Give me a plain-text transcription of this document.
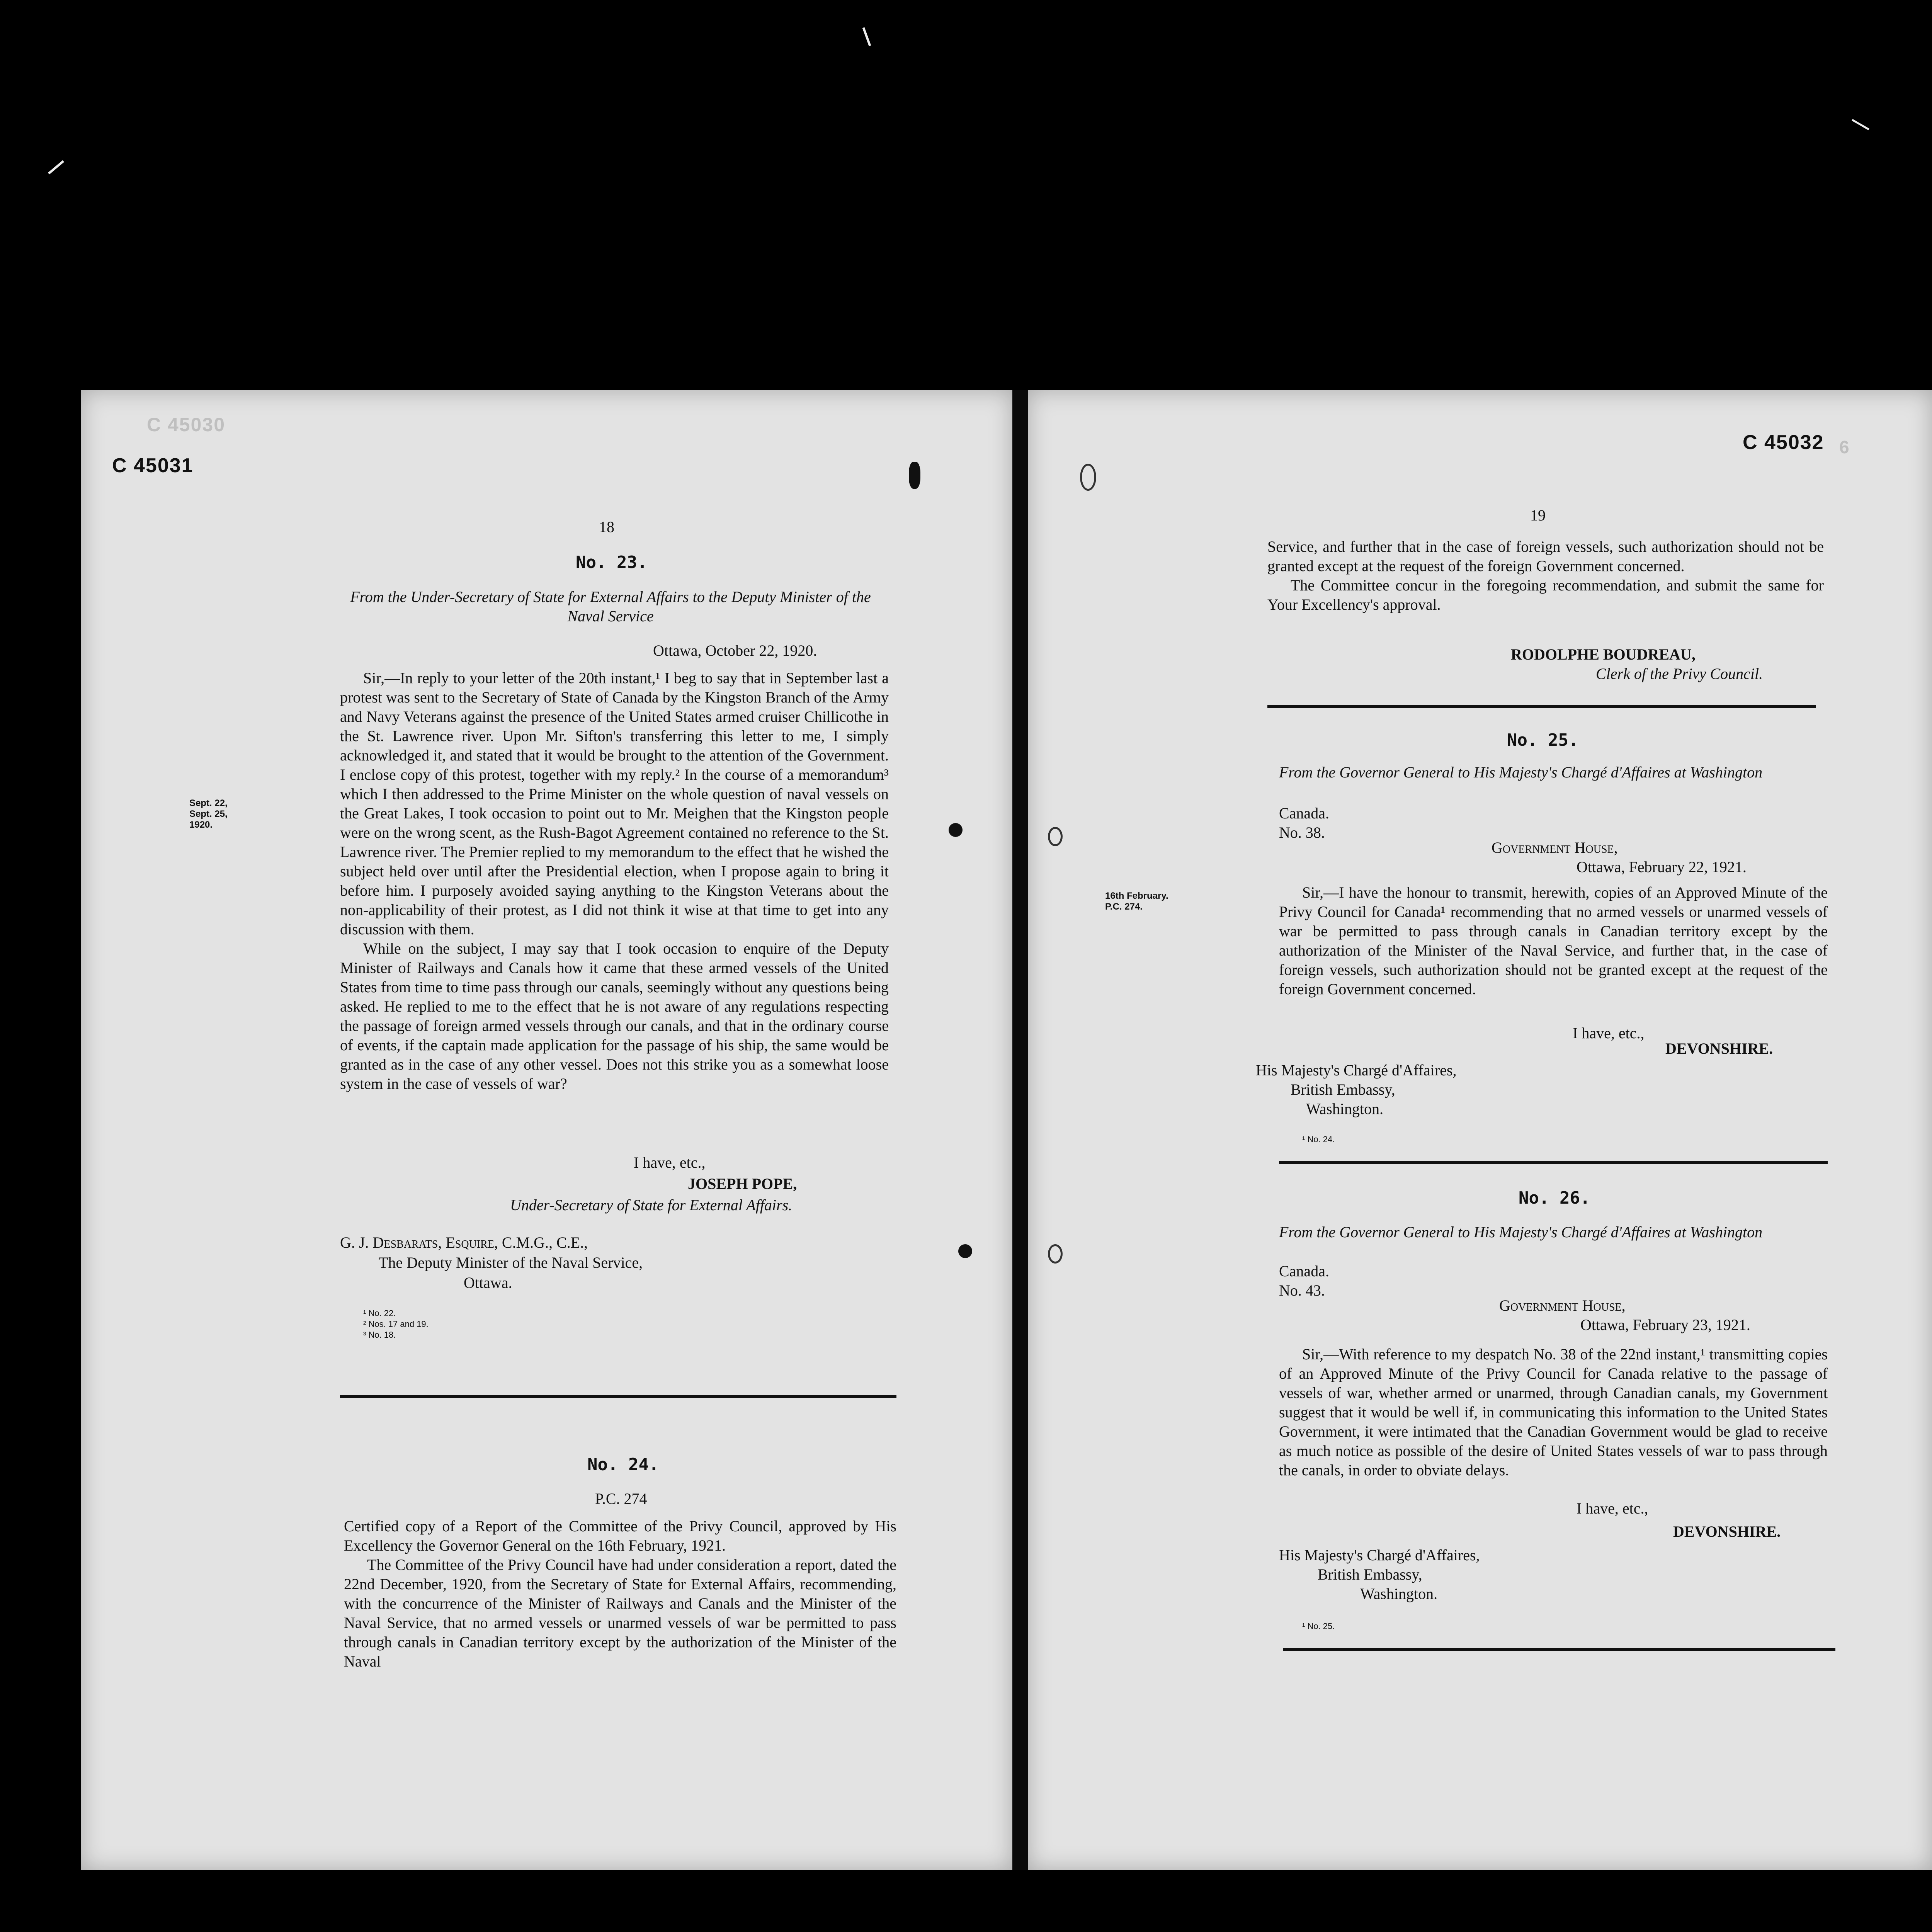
C 45030
C 45031
18
No. 23.
From the Under-Secretary of State for External Affairs to the Deputy Minister of the Naval Service
Ottawa, October 22, 1920.
Sept. 22,
Sept. 25,
1920.

Sir,—In reply to your letter of the 20th instant,¹ I beg to say that in September last a protest was sent to the Secretary of State of Canada by the Kingston Branch of the Army and Navy Veterans against the presence of the United States armed cruiser Chillicothe in the St. Lawrence river. Upon Mr. Sifton's transferring this letter to me, I simply acknowledged it, and stated that it would be brought to the attention of the Government. I enclose copy of this protest, together with my reply.² In the course of a memorandum³ which I then addressed to the Prime Minister on the whole question of naval vessels on the Great Lakes, I took occasion to point out to Mr. Meighen that the Kingston people were on the wrong scent, as the Rush-Bagot Agreement contained no reference to the St. Lawrence river. The Premier replied to my memorandum to the effect that he wished the subject held over until after the Presidential election, when I propose again to bring it before him. I purposely avoided saying anything to the Kingston Veterans about the non-applicability of their protest, as I did not think it wise at that time to get into any discussion with them.

While on the subject, I may say that I took occasion to enquire of the Deputy Minister of Railways and Canals how it came that these armed vessels of the United States from time to time pass through our canals, seemingly without any questions being asked. He replied to me to the effect that he is not aware of any regulations respecting the passage of foreign armed vessels through our canals, and that in the ordinary course of events, if the captain made application for the passage of his ship, the same would be granted as in the case of any other vessel. Does not this strike you as a somewhat loose system in the case of vessels of war?

I have, etc.,
JOSEPH POPE,
Under-Secretary of State for External Affairs.
G. J. Desbarats, Esquire, C.M.G., C.E.,
The Deputy Minister of the Naval Service,
Ottawa.
¹ No. 22.
² Nos. 17 and 19.
³ No. 18.
No. 24.
P.C. 274

Certified copy of a Report of the Committee of the Privy Council, approved by His Excellency the Governor General on the 16th February, 1921.

The Committee of the Privy Council have had under consideration a report, dated the 22nd December, 1920, from the Secretary of State for External Affairs, recommending, with the concurrence of the Minister of Railways and Canals and the Minister of the Naval Service, that no armed vessels or unarmed vessels of war be permitted to pass through canals in Canadian territory except by the authorization of the Minister of the Naval

C 45032 6
19

Service, and further that in the case of foreign vessels, such authorization should not be granted except at the request of the foreign Government concerned.

The Committee concur in the foregoing recommendation, and submit the same for Your Excellency's approval.

RODOLPHE BOUDREAU,
Clerk of the Privy Council.
No. 25.
From the Governor General to His Majesty's Chargé d'Affaires at Washington
Canada.
No. 38.
Government House,
Ottawa, February 22, 1921.
16th February.
P.C. 274.

Sir,—I have the honour to transmit, herewith, copies of an Approved Minute of the Privy Council for Canada¹ recommending that no armed vessels or unarmed vessels of war be permitted to pass through canals in Canadian territory except by the authorization of the Minister of the Naval Service, and further that, in the case of foreign vessels, such authorization should not be granted except at the request of the foreign Government concerned.

I have, etc.,
DEVONSHIRE.
His Majesty's Chargé d'Affaires,
British Embassy,
Washington.
¹ No. 24.
No. 26.
From the Governor General to His Majesty's Chargé d'Affaires at Washington
Canada.
No. 43.
Government House,
Ottawa, February 23, 1921.

Sir,—With reference to my despatch No. 38 of the 22nd instant,¹ transmitting copies of an Approved Minute of the Privy Council for Canada relative to the passage of vessels of war, whether armed or unarmed, through Canadian canals, my Government suggest that it would be well if, in communicating this information to the United States Government, it were intimated that the Canadian Government would be glad to receive as much notice as possible of the desire of United States vessels of war to pass through the canals, in order to obviate delays.

I have, etc.,
DEVONSHIRE.
His Majesty's Chargé d'Affaires,
British Embassy,
Washington.
¹ No. 25.
